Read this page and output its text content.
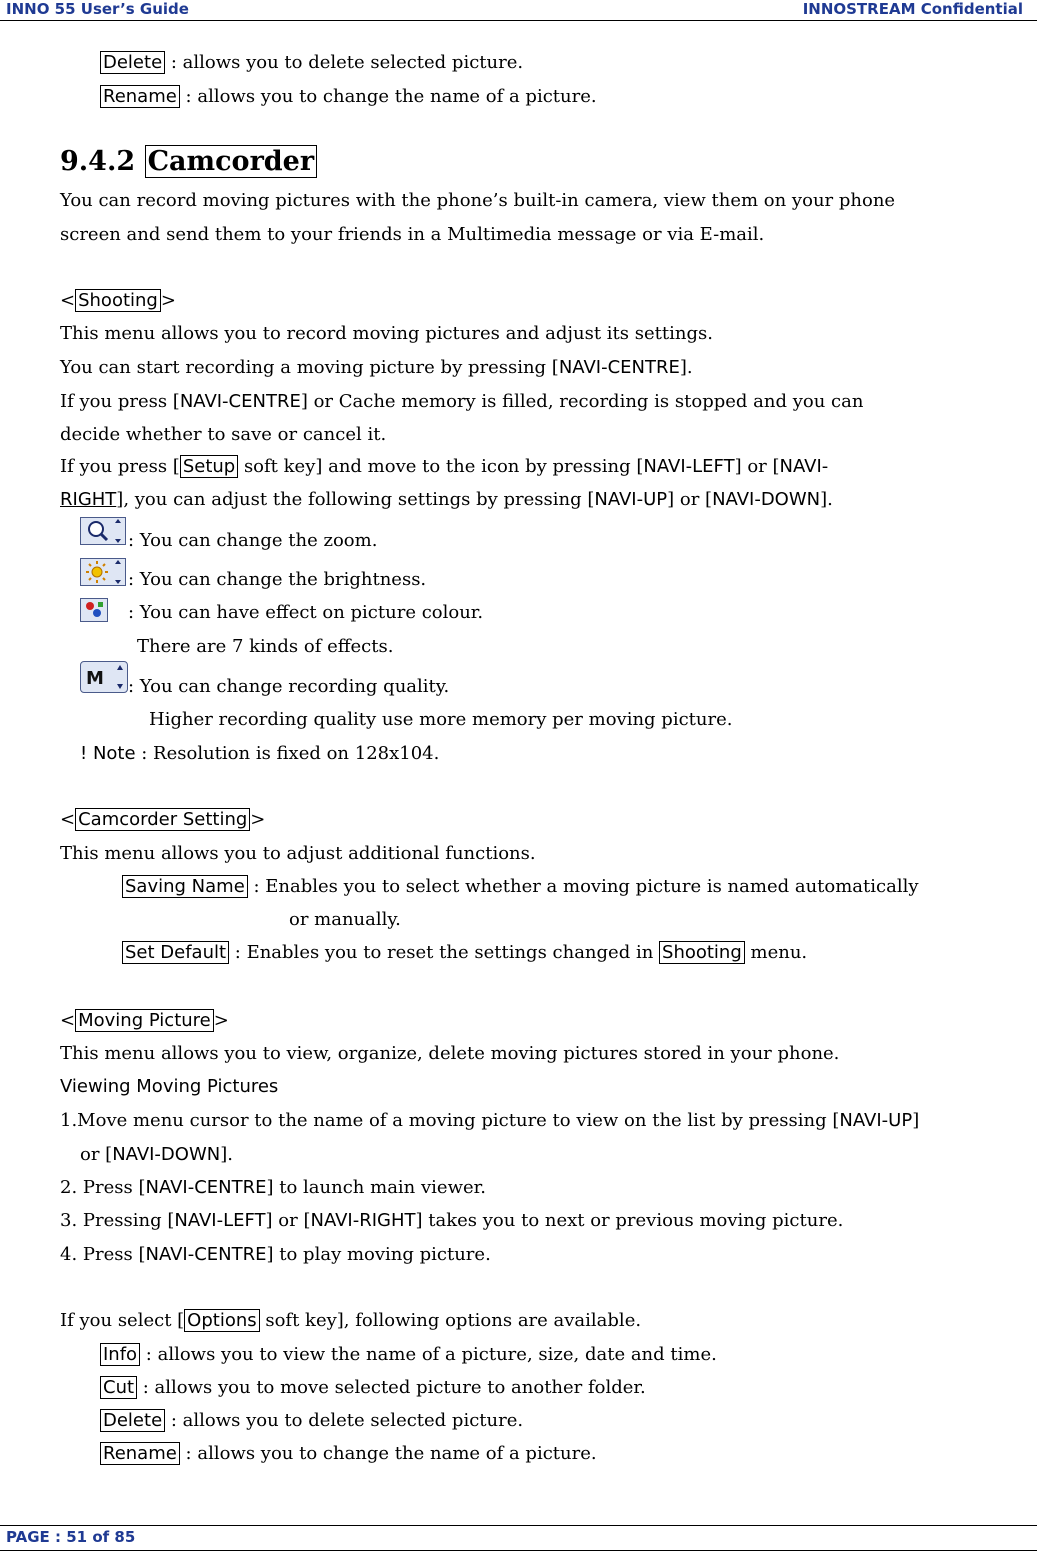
INNO 55 User’s Guide	INNOSTREAM Confidential
Delete : allows you to delete selected picture.
Rename : allows you to change the name of a picture.
9.4.2 Camcorder
You can record moving pictures with the phone’s built-in camera, view them on your phone
screen and send them to your friends in a Multimedia message or via E-mail.
< Shooting >
This menu allows you to record moving pictures and adjust its settings.
You can start recording a moving picture by pressing [NAVI-CENTRE].
If you press [NAVI-CENTRE] or Cache memory is filled, recording is stopped and you can
decide whether to save or cancel it.
If you press [ Setup soft key] and move to the icon by pressing [NAVI-LEFT] or [NAVI-
RIGHT], you can adjust the following settings by pressing [NAVI-UP] or [NAVI-DOWN].
: You can change the zoom.
: You can change the brightness.
: You can have effect on picture colour.
There are 7 kinds of effects.
M : You can change recording quality.
Higher recording quality use more memory per moving picture.
! Note : Resolution is fixed on 128x104.
< Camcorder Setting >
This menu allows you to adjust additional functions.
Saving Name : Enables you to select whether a moving picture is named automatically
or manually.
Set Default : Enables you to reset the settings changed in Shooting menu.
< Moving Picture >
This menu allows you to view, organize, delete moving pictures stored in your phone.
Viewing Moving Pictures
1.Move menu cursor to the name of a moving picture to view on the list by pressing [NAVI-UP]
or [NAVI-DOWN].
2. Press [NAVI-CENTRE] to launch main viewer.
3. Pressing [NAVI-LEFT] or [NAVI-RIGHT] takes you to next or previous moving picture.
4. Press [NAVI-CENTRE] to play moving picture.
If you select [ Options soft key], following options are available.
Info : allows you to view the name of a picture, size, date and time.
Cut : allows you to move selected picture to another folder.
Delete : allows you to delete selected picture.
Rename : allows you to change the name of a picture.
PAGE : 51 of 85
